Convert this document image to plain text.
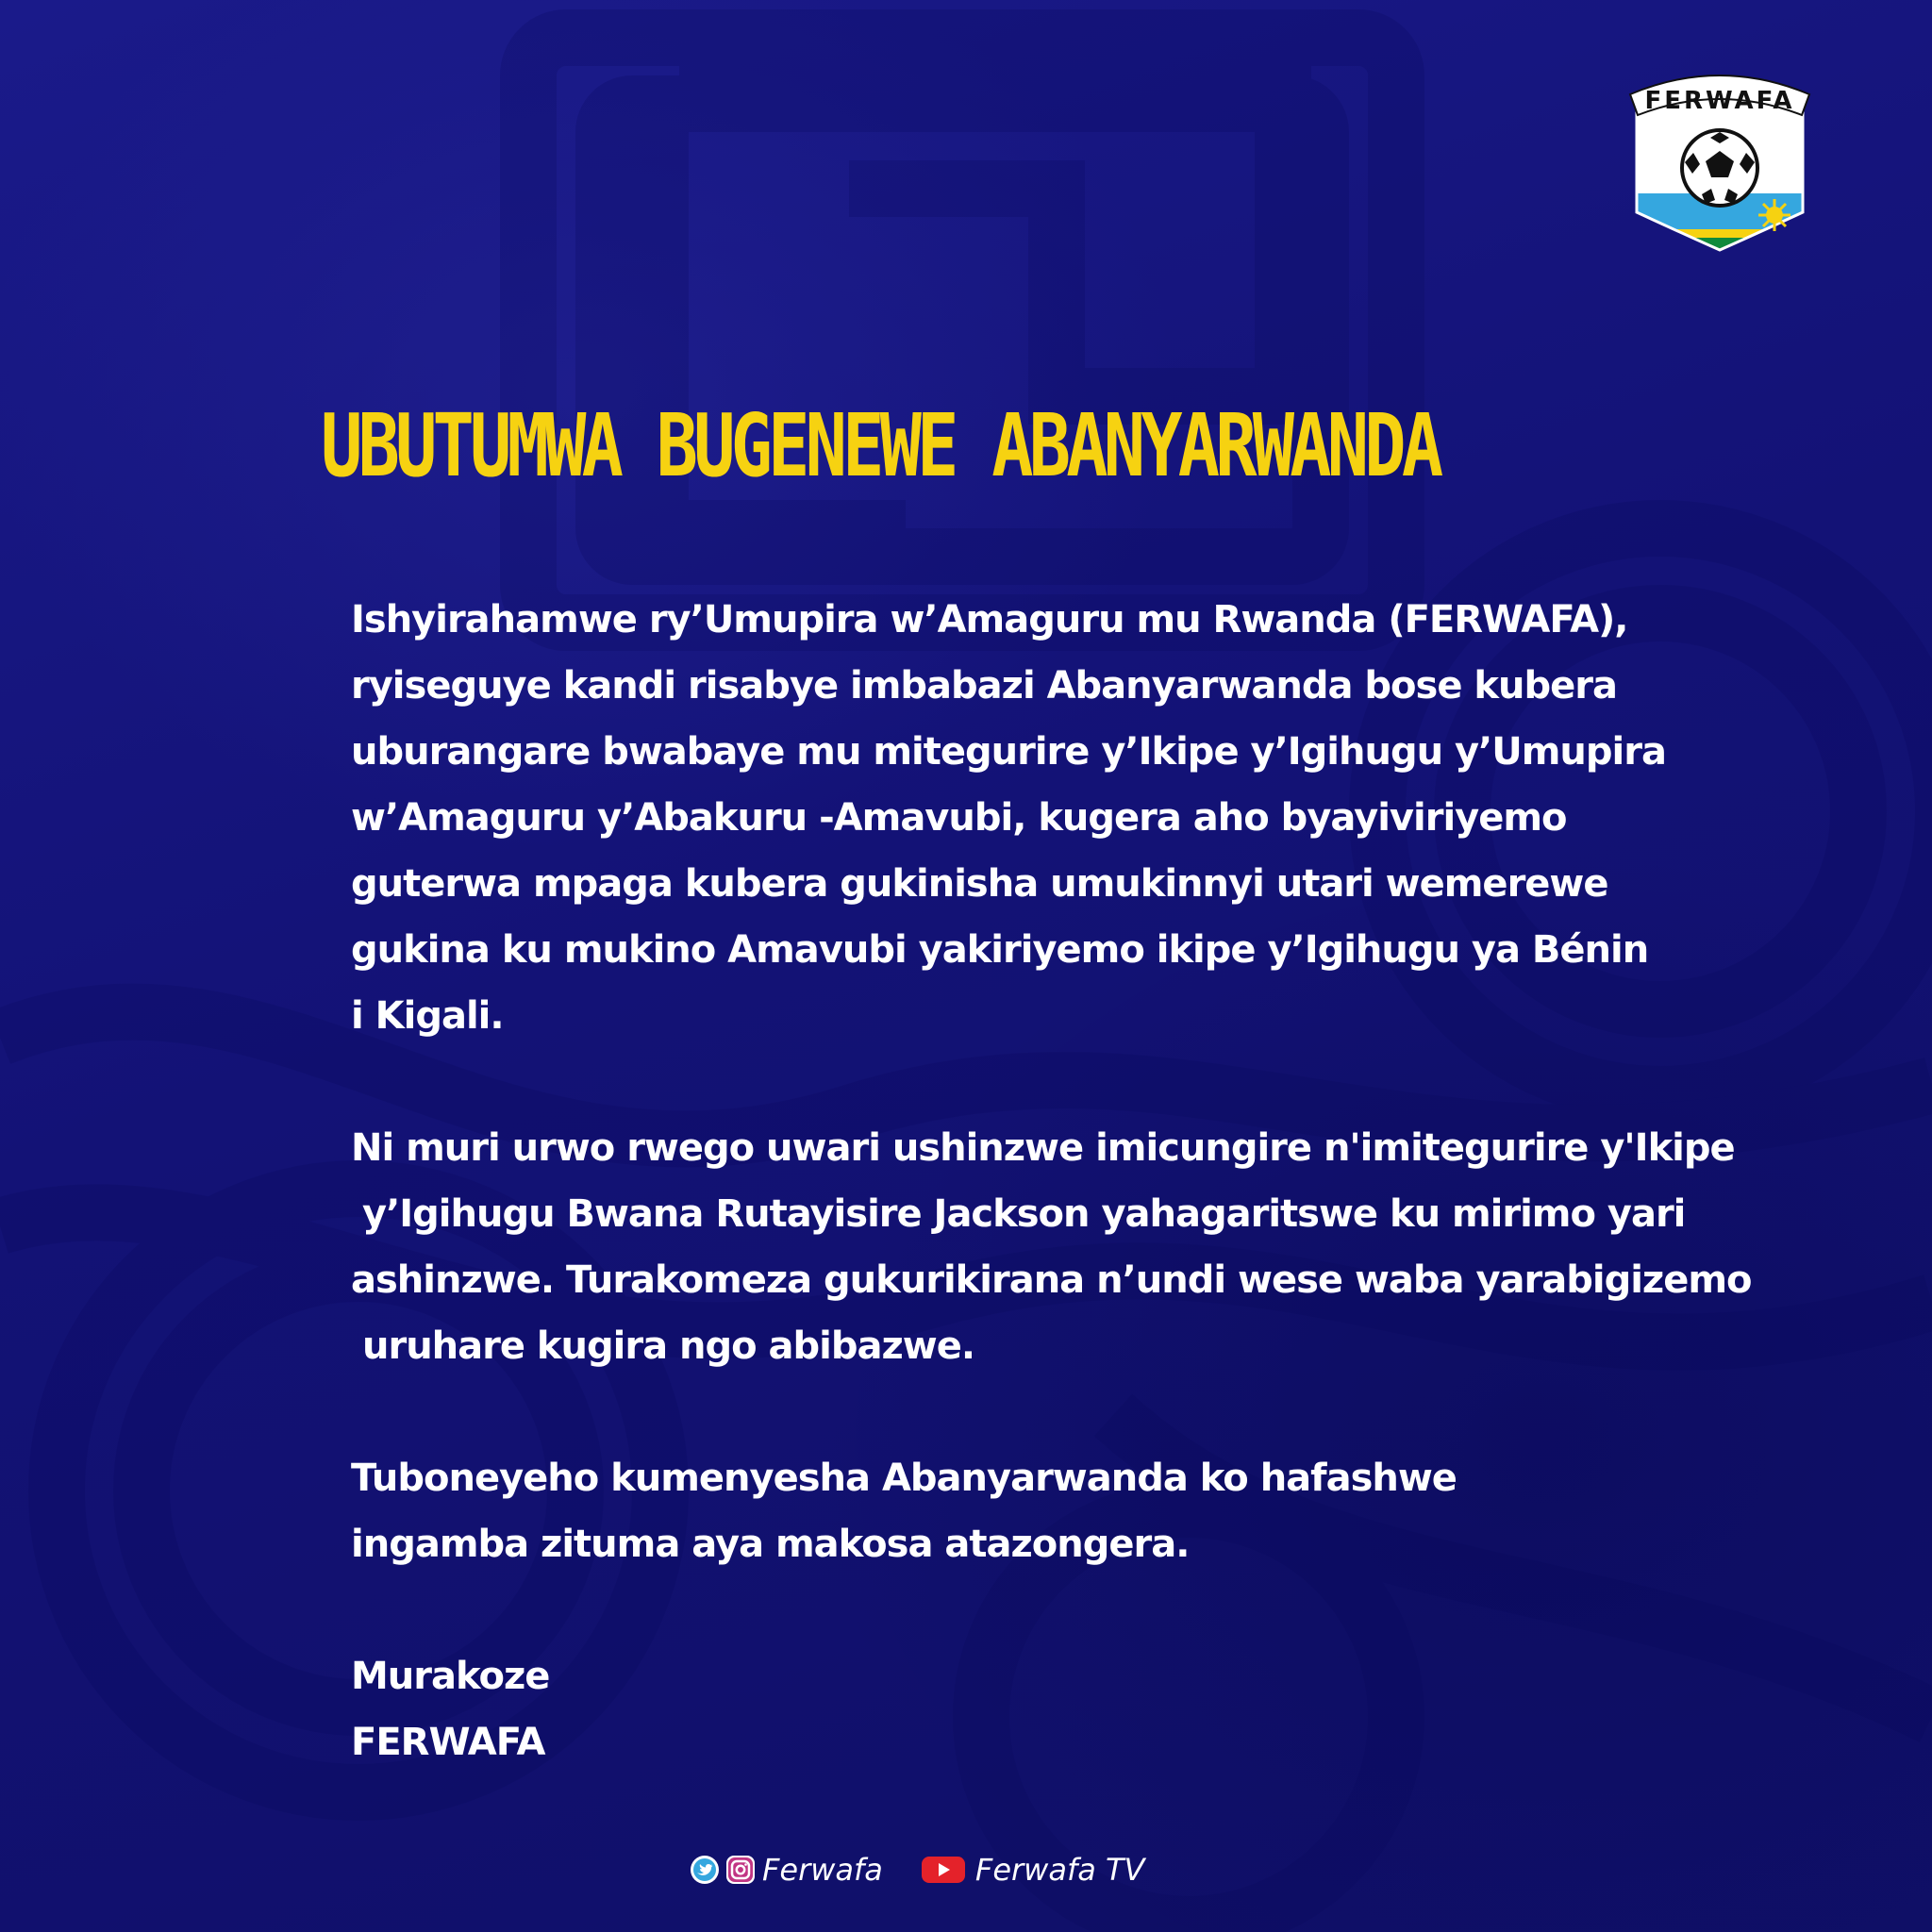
FERWAFA
UBUTUMWA BUGENEWE ABANYARWANDA
Ishyirahamwe ry’Umupira w’Amaguru mu Rwanda (FERWAFA),
ryiseguye kandi risabye imbabazi Abanyarwanda bose kubera
uburangare bwabaye mu mitegurire y’Ikipe y’Igihugu y’Umupira
w’Amaguru y’Abakuru -Amavubi, kugera aho byayiviriyemo
guterwa mpaga kubera gukinisha umukinnyi utari wemerewe
gukina ku mukino Amavubi yakiriyemo ikipe y’Igihugu ya Bénin
i Kigali.
Ni muri urwo rwego uwari ushinzwe imicungire n'imitegurire y'Ikipe
y’Igihugu Bwana Rutayisire Jackson yahagaritswe ku mirimo yari
ashinzwe. Turakomeza gukurikirana n’undi wese waba yarabigizemo
uruhare kugira ngo abibazwe.
Tuboneyeho kumenyesha Abanyarwanda ko hafashwe
ingamba zituma aya makosa atazongera.
Murakoze
FERWAFA
Ferwafa	Ferwafa TV
